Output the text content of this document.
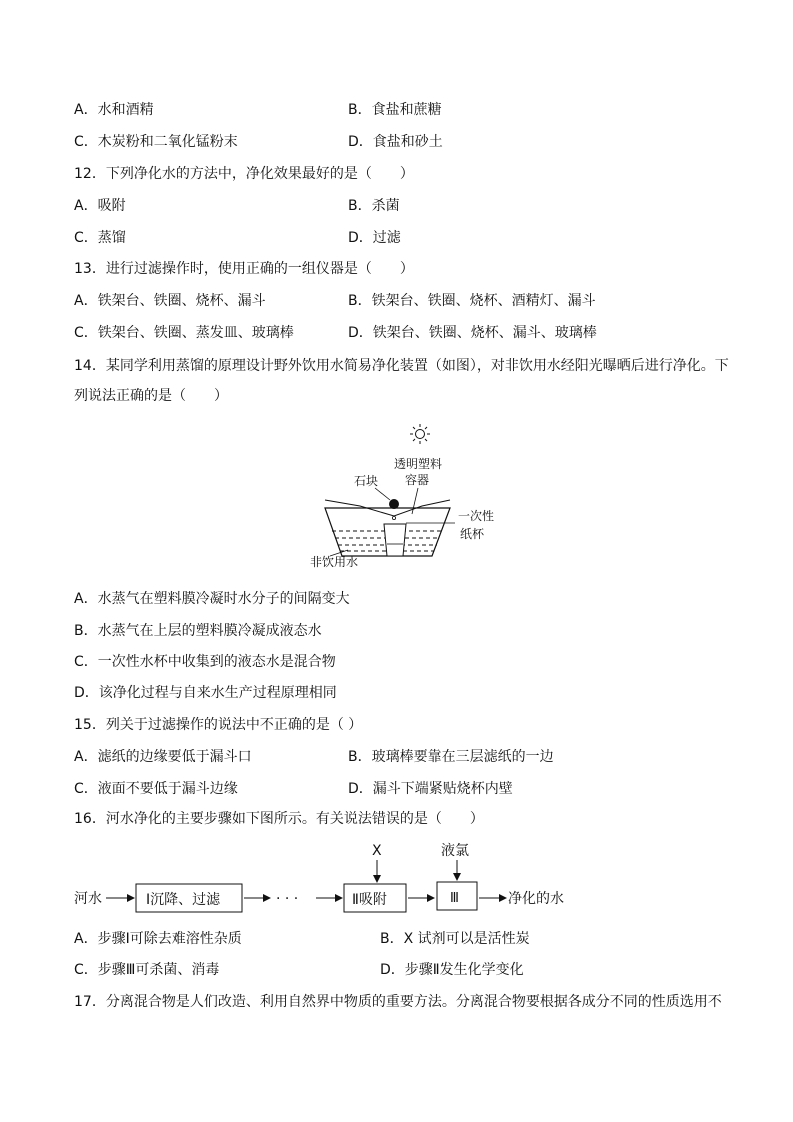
A．水和酒精	B．食盐和蔗糖
C．木炭粉和二氧化锰粉末	D．食盐和砂土
12．下列净化水的方法中，净化效果最好的是（　　）
A．吸附	B．杀菌
C．蒸馏	D．过滤
13．进行过滤操作时，使用正确的一组仪器是（　　）
A．铁架台、铁圈、烧杯、漏斗	B．铁架台、铁圈、烧杯、酒精灯、漏斗
C．铁架台、铁圈、蒸发皿、玻璃棒	D．铁架台、铁圈、烧杯、漏斗、玻璃棒
14．某同学利用蒸馏的原理设计野外饮用水简易净化装置（如图），对非饮用水经阳光曝晒后进行净化。下
列说法正确的是（　　）
透明塑料
容器
石块
一次性
纸杯
非饮用水
A．水蒸气在塑料膜冷凝时水分子的间隔变大
B．水蒸气在上层的塑料膜冷凝成液态水
C．一次性水杯中收集到的液态水是混合物
D．该净化过程与自来水生产过程原理相同
15．列关于过滤操作的说法中不正确的是（ ）
A．滤纸的边缘要低于漏斗口	B．玻璃棒要靠在三层滤纸的一边
C．液面不要低于漏斗边缘	D．漏斗下端紧贴烧杯内壁
16．河水净化的主要步骤如下图所示。有关说法错误的是（　　）
河水	Ⅰ沉降、过滤	· · ·	Ⅱ吸附	Ⅲ	净化的水
X	液氯
A．步骤Ⅰ可除去难溶性杂质	B．X 试剂可以是活性炭
C．步骤Ⅲ可杀菌、消毒	D．步骤Ⅱ发生化学变化
17．分离混合物是人们改造、利用自然界中物质的重要方法。分离混合物要根据各成分不同的性质选用不
